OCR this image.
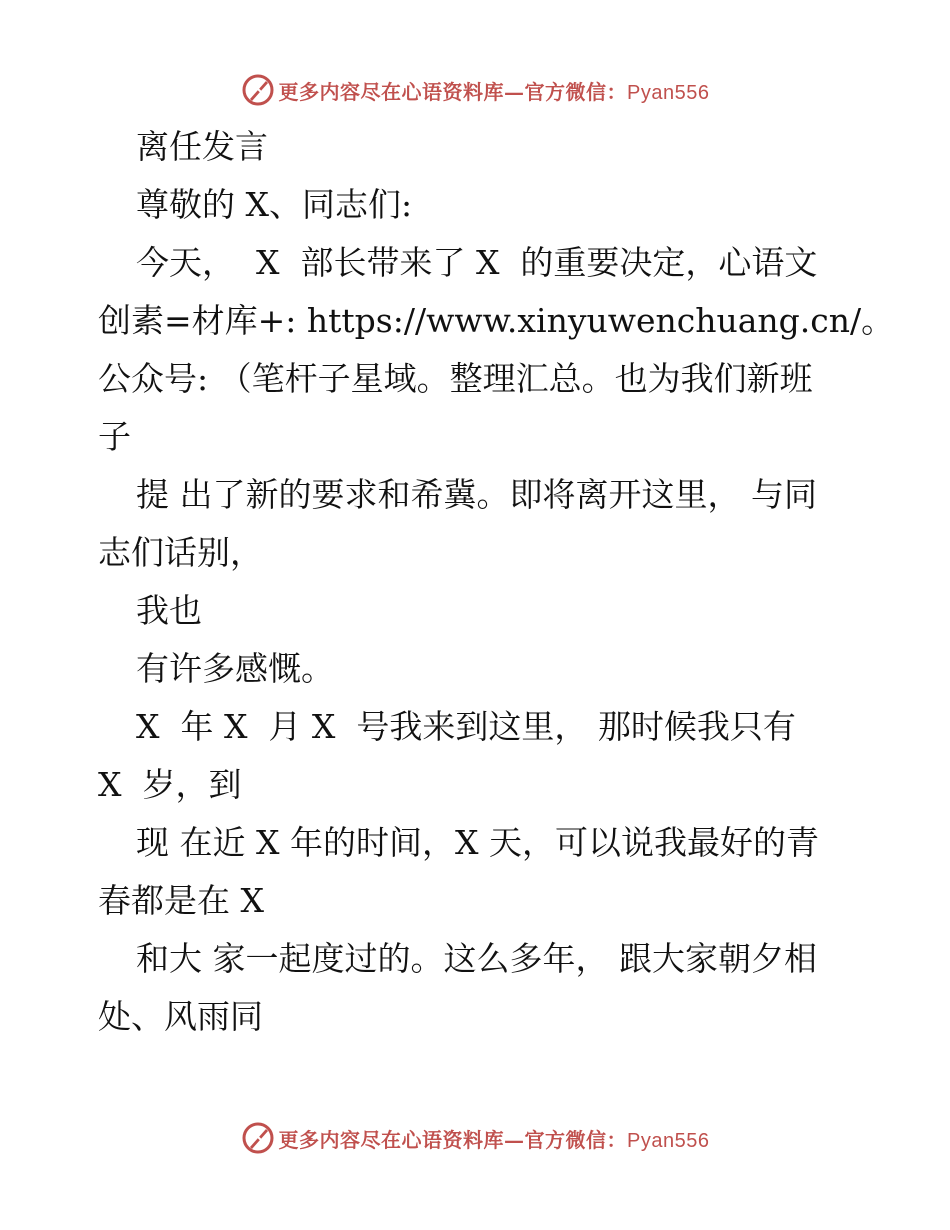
更多内容尽在心语资料库—官方微信：Pyan556
离任发言
尊敬的 X、同志们:
今天，  X  部长带来了 X  的重要决定，心语文
创素=材库+: https://www.xinyuwenchuang.cn/。
公众号: （笔杆子星域。整理汇总。也为我们新班
子
提 出了新的要求和希冀。即将离开这里， 与同
志们话别，
我也
有许多感慨。
X  年 X  月 X  号我来到这里， 那时候我只有
X  岁，到
现 在近 X 年的时间，X 天，可以说我最好的青
春都是在 X
和大 家一起度过的。这么多年， 跟大家朝夕相
处、风雨同
更多内容尽在心语资料库—官方微信：Pyan556
